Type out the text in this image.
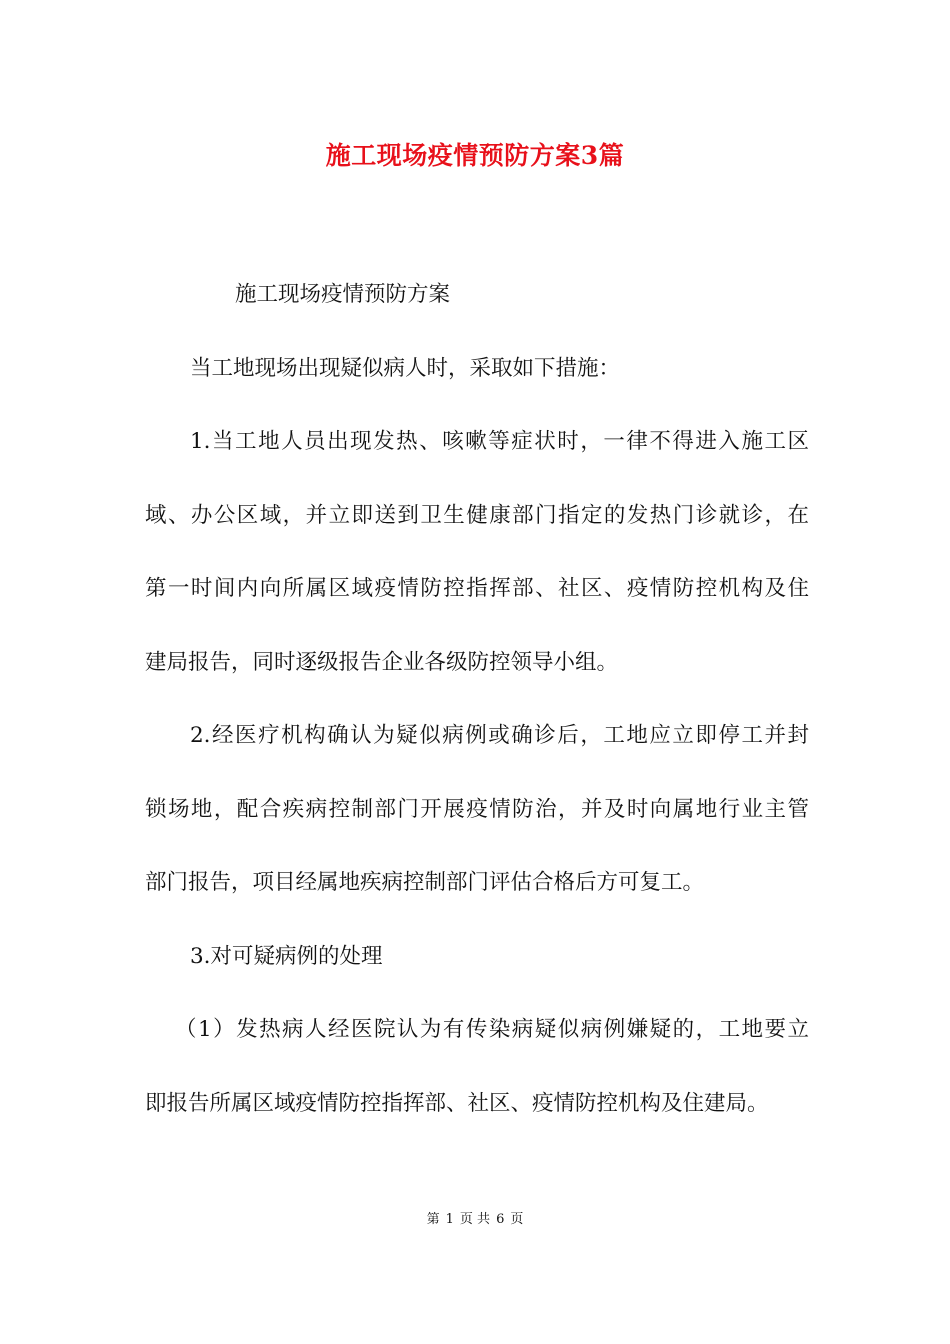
施工现场疫情预防方案3篇
施工现场疫情预防方案
当工地现场出现疑似病人时，采取如下措施：
1.当工地人员出现发热、咳嗽等症状时，一律不得进入施工区
域、办公区域，并立即送到卫生健康部门指定的发热门诊就诊，在
第一时间内向所属区域疫情防控指挥部、社区、疫情防控机构及住
建局报告，同时逐级报告企业各级防控领导小组。
2.经医疗机构确认为疑似病例或确诊后，工地应立即停工并封
锁场地，配合疾病控制部门开展疫情防治，并及时向属地行业主管
部门报告，项目经属地疾病控制部门评估合格后方可复工。
3.对可疑病例的处理
（1）发热病人经医院认为有传染病疑似病例嫌疑的，工地要立
即报告所属区域疫情防控指挥部、社区、疫情防控机构及住建局。
第 1 页 共 6 页
